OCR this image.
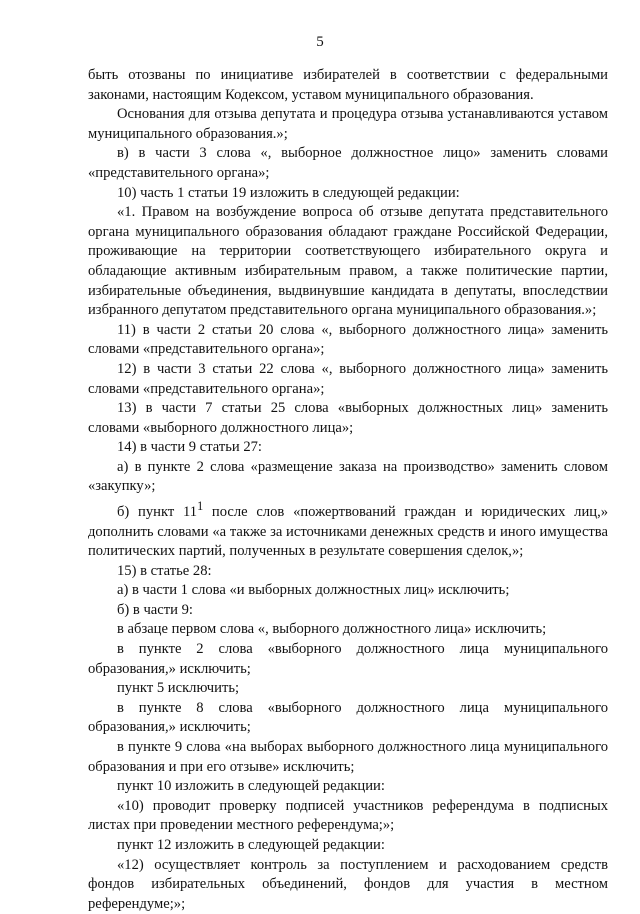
5

быть отозваны по инициативе избирателей в соответствии с федеральными законами, настоящим Кодексом, уставом муниципального образования.

Основания для отзыва депутата и процедура отзыва устанавливаются уставом муниципального образования.»;

в) в части 3 слова «, выборное должностное лицо» заменить словами «представительного органа»;

10) часть 1 статьи 19 изложить в следующей редакции:

«1. Правом на возбуждение вопроса об отзыве депутата представительного органа муниципального образования обладают граждане Российской Федерации, проживающие на территории соответствующего избирательного округа и обладающие активным избирательным правом, а также политические партии, избирательные объединения, выдвинувшие кандидата в депутаты, впоследствии избранного депутатом представительного органа муниципального образования.»;

11) в части 2 статьи 20 слова «, выборного должностного лица» заменить словами «представительного органа»;

12) в части 3 статьи 22 слова «, выборного должностного лица» заменить словами «представительного органа»;

13) в части 7 статьи 25 слова «выборных должностных лиц» заменить словами «выборного должностного лица»;

14) в части 9 статьи 27:

а) в пункте 2 слова «размещение заказа на производство» заменить словом «закупку»;

б) пункт $11^1$ после слов «пожертвований граждан и юридических лиц,» дополнить словами «а также за источниками денежных средств и иного имущества политических партий, полученных в результате совершения сделок,»;

15) в статье 28:

а) в части 1 слова «и выборных должностных лиц» исключить;

б) в части 9:

в абзаце первом слова «, выборного должностного лица» исключить;

в пункте 2 слова «выборного должностного лица муниципального образования,» исключить;

пункт 5 исключить;

в пункте 8 слова «выборного должностного лица муниципального образования,» исключить;

в пункте 9 слова «на выборах выборного должностного лица муниципального образования и при его отзыве» исключить;

пункт 10 изложить в следующей редакции:

«10) проводит проверку подписей участников референдума в подписных листах при проведении местного референдума;»;

пункт 12 изложить в следующей редакции:

«12) осуществляет контроль за поступлением и расходованием средств фондов избирательных объединений, фондов для участия в местном референдуме;»;
